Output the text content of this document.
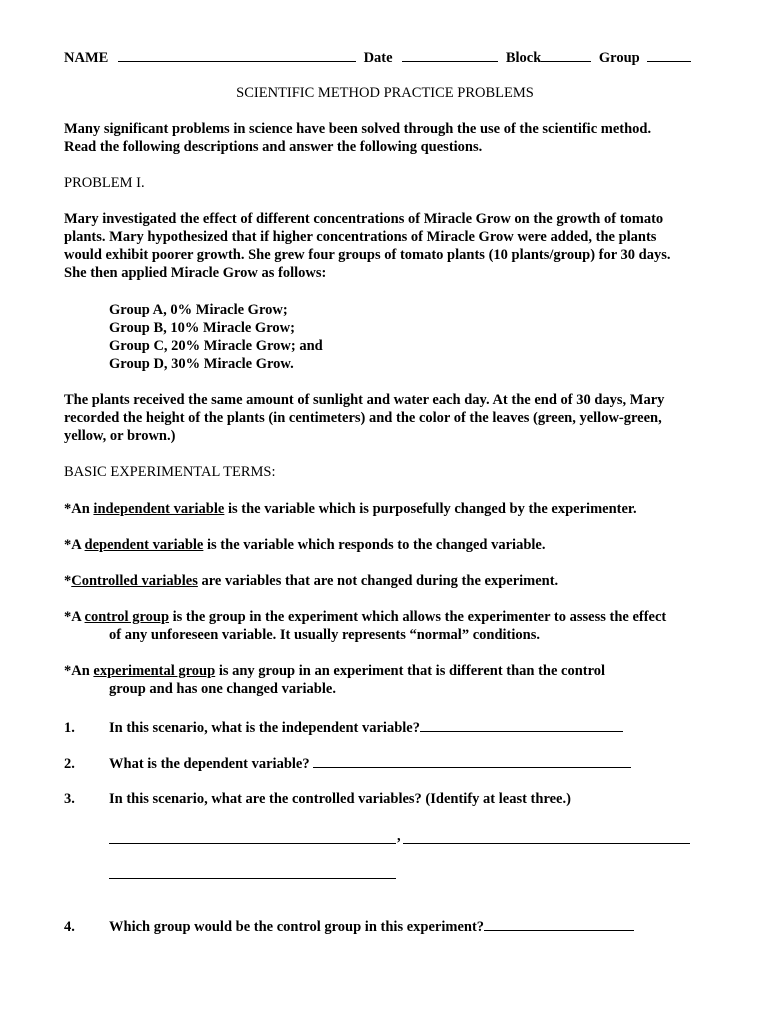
NAME	Date	Block	Group
SCIENTIFIC METHOD PRACTICE PROBLEMS
Many significant problems in science have been solved through the use of the scientific method.
Read the following descriptions and answer the following questions.
PROBLEM I.
Mary investigated the effect of different concentrations of Miracle Grow on the growth of tomato
plants. Mary hypothesized that if higher concentrations of Miracle Grow were added, the plants
would exhibit poorer growth. She grew four groups of tomato plants (10 plants/group) for 30 days.
She then applied Miracle Grow as follows:
Group A, 0% Miracle Grow;
Group B, 10% Miracle Grow;
Group C, 20% Miracle Grow; and
Group D, 30% Miracle Grow.
The plants received the same amount of sunlight and water each day. At the end of 30 days, Mary
recorded the height of the plants (in centimeters) and the color of the leaves (green, yellow-green,
yellow, or brown.)
BASIC EXPERIMENTAL TERMS:
*An independent variable is the variable which is purposefully changed by the experimenter.
*A dependent variable is the variable which responds to the changed variable.
*Controlled variables are variables that are not changed during the experiment.
*A control group is the group in the experiment which allows the experimenter to assess the effect
of any unforeseen variable. It usually represents “normal” conditions.
*An experimental group is any group in an experiment that is different than the control
group and has one changed variable.
1. In this scenario, what is the independent variable?
2. What is the dependent variable?
3. In this scenario, what are the controlled variables? (Identify at least three.)
,
4. Which group would be the control group in this experiment?
